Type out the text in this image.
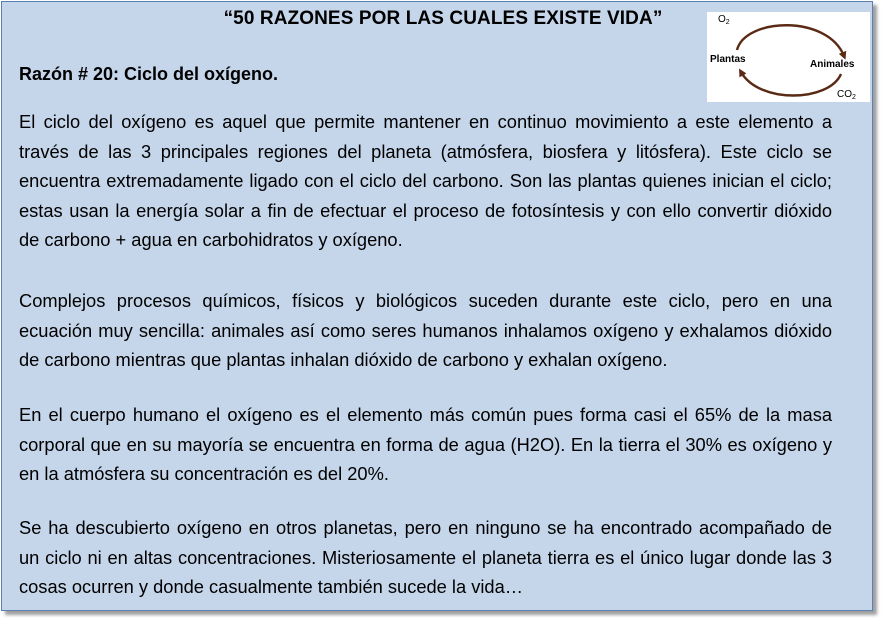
“50 RAZONES POR LAS CUALES EXISTE VIDA”	$O_2$
Plantas	Animales
$CO_2$
Razón # 20: Ciclo del oxígeno.

El ciclo del oxígeno es aquel que permite mantener en continuo movimiento a este elemento a través de las 3 principales regiones del planeta (atmósfera, biosfera y litósfera). Este ciclo se encuentra extremadamente ligado con el ciclo del carbono. Son las plantas quienes inician el ciclo; estas usan la energía solar a fin de efectuar el proceso de fotosíntesis y con ello convertir dióxido de carbono + agua en carbohidratos y oxígeno.

Complejos procesos químicos, físicos y biológicos suceden durante este ciclo, pero en una ecuación muy sencilla: animales así como seres humanos inhalamos oxígeno y exhalamos dióxido de carbono mientras que plantas inhalan dióxido de carbono y exhalan oxígeno.

En el cuerpo humano el oxígeno es el elemento más común pues forma casi el 65% de la masa corporal que en su mayoría se encuentra en forma de agua (H2O). En la tierra el 30% es oxígeno y en la atmósfera su concentración es del 20%.

Se ha descubierto oxígeno en otros planetas, pero en ninguno se ha encontrado acompañado de un ciclo ni en altas concentraciones. Misteriosamente el planeta tierra es el único lugar donde las 3 cosas ocurren y donde casualmente también sucede la vida…
